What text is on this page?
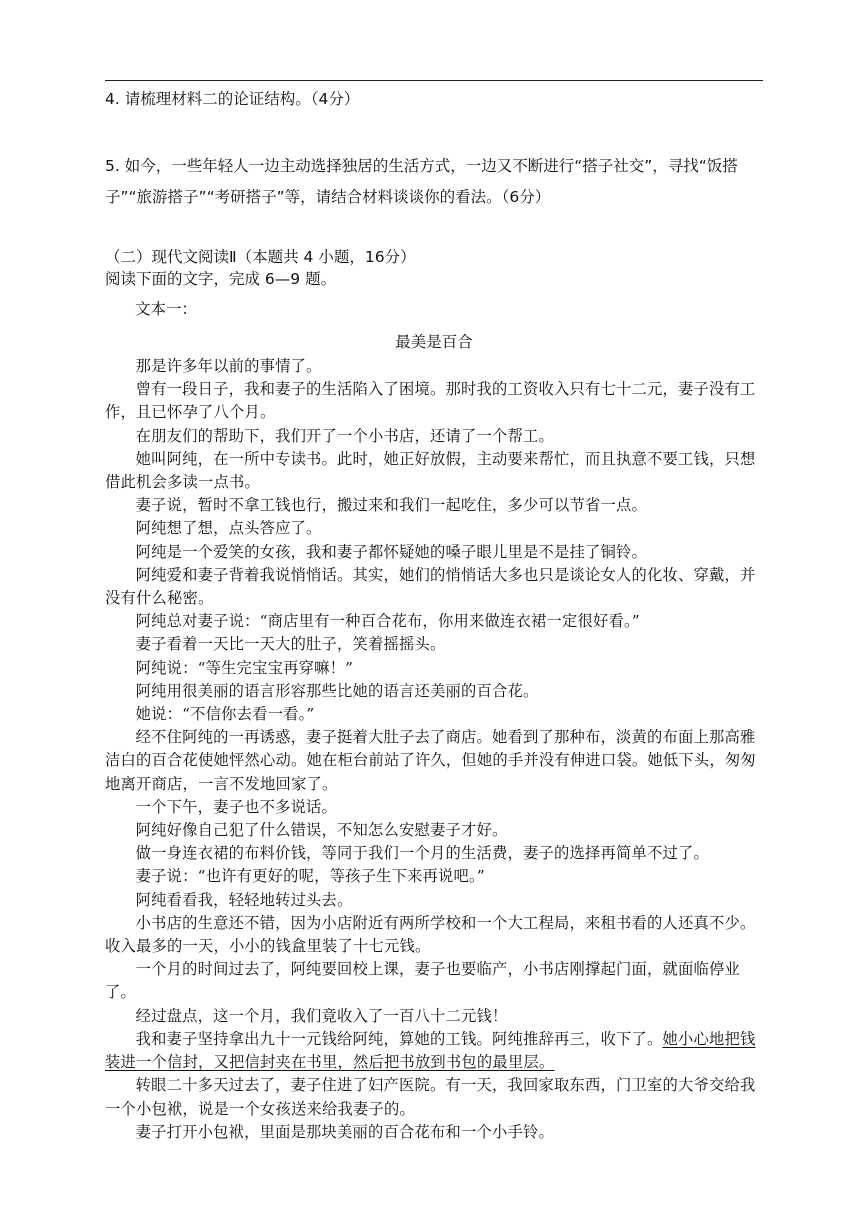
4. 请梳理材料二的论证结构。（4分）
5. 如今，一些年轻人一边主动选择独居的生活方式，一边又不断进行“搭子社交”，寻找“饭搭
子”“旅游搭子”“考研搭子”等，请结合材料谈谈你的看法。（6分）
（二）现代文阅读Ⅱ（本题共 4 小题，16分）
阅读下面的文字，完成 6—9 题。
文本一：
最美是百合

那是许多年以前的事情了。

曾有一段日子，我和妻子的生活陷入了困境。那时我的工资收入只有七十二元，妻子没有工作，且已怀孕了八个月。

在朋友们的帮助下，我们开了一个小书店，还请了一个帮工。

她叫阿纯，在一所中专读书。此时，她正好放假，主动要来帮忙，而且执意不要工钱，只想借此机会多读一点书。

妻子说，暂时不拿工钱也行，搬过来和我们一起吃住，多少可以节省一点。

阿纯想了想，点头答应了。

阿纯是一个爱笑的女孩，我和妻子都怀疑她的嗓子眼儿里是不是挂了铜铃。

阿纯爱和妻子背着我说悄悄话。其实，她们的悄悄话大多也只是谈论女人的化妆、穿戴，并没有什么秘密。

阿纯总对妻子说：“商店里有一种百合花布，你用来做连衣裙一定很好看。”

妻子看着一天比一天大的肚子，笑着摇摇头。

阿纯说：“等生完宝宝再穿嘛！”

阿纯用很美丽的语言形容那些比她的语言还美丽的百合花。

她说：“不信你去看一看。”

经不住阿纯的一再诱惑，妻子挺着大肚子去了商店。她看到了那种布，淡黄的布面上那高雅洁白的百合花使她怦然心动。她在柜台前站了许久，但她的手并没有伸进口袋。她低下头，匆匆地离开商店，一言不发地回家了。

一个下午，妻子也不多说话。

阿纯好像自己犯了什么错误，不知怎么安慰妻子才好。

做一身连衣裙的布料价钱，等同于我们一个月的生活费，妻子的选择再简单不过了。

妻子说：“也许有更好的呢，等孩子生下来再说吧。”

阿纯看看我，轻轻地转过头去。

小书店的生意还不错，因为小店附近有两所学校和一个大工程局，来租书看的人还真不少。收入最多的一天，小小的钱盒里装了十七元钱。

一个月的时间过去了，阿纯要回校上课，妻子也要临产，小书店刚撑起门面，就面临停业了。

经过盘点，这一个月，我们竟收入了一百八十二元钱！

我和妻子坚持拿出九十一元钱给阿纯，算她的工钱。阿纯推辞再三，收下了。她小心地把钱装进一个信封，又把信封夹在书里，然后把书放到书包的最里层。

转眼二十多天过去了，妻子住进了妇产医院。有一天，我回家取东西，门卫室的大爷交给我一个小包袱，说是一个女孩送来给我妻子的。

妻子打开小包袱，里面是那块美丽的百合花布和一个小手铃。
